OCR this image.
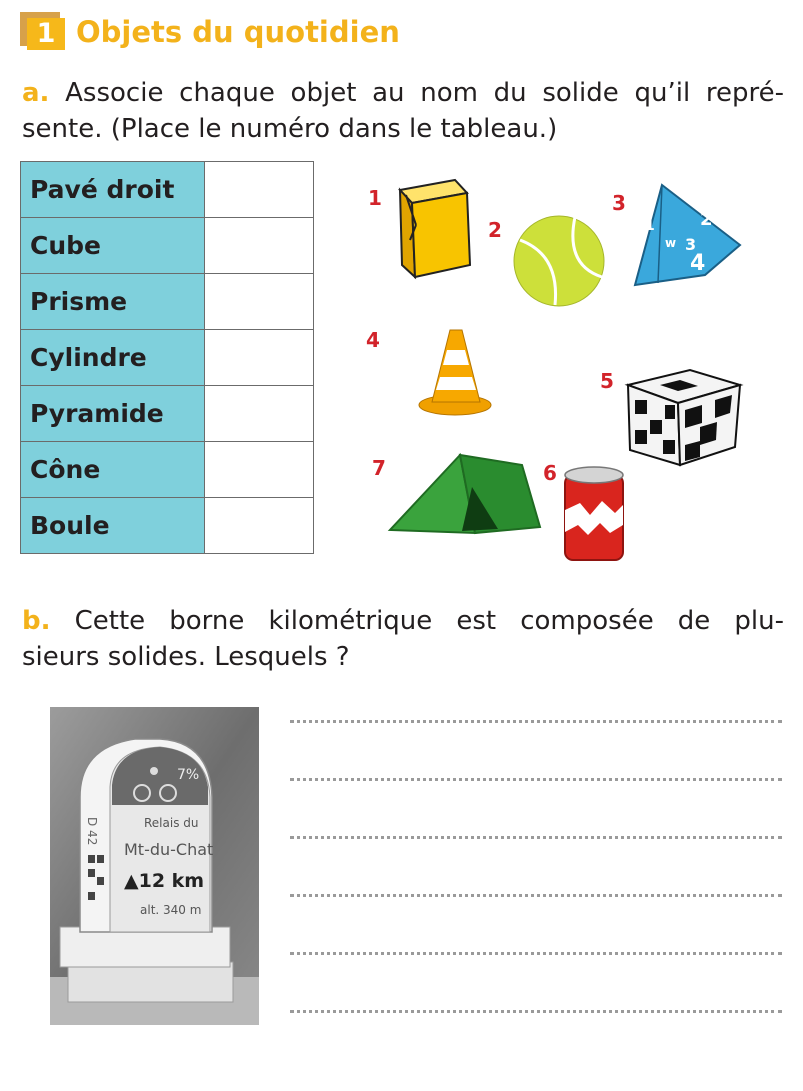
1 Objets du quotidien
a. Associe chaque objet au nom du solide qu’il repré-
sente. (Place le numéro dans le tableau.)
Pavé droit	
Cube	
Prisme	
Cylindre	
Pyramide	
Cône	
Boule	
1	2
3
4
w
1
2
3
4
5
6
7
b. Cette borne kilométrique est composée de plu-
sieurs solides. Lesquels ?
7%
D 42	Relais du
Mt-du-Chat
▲12 km
alt. 340 m
